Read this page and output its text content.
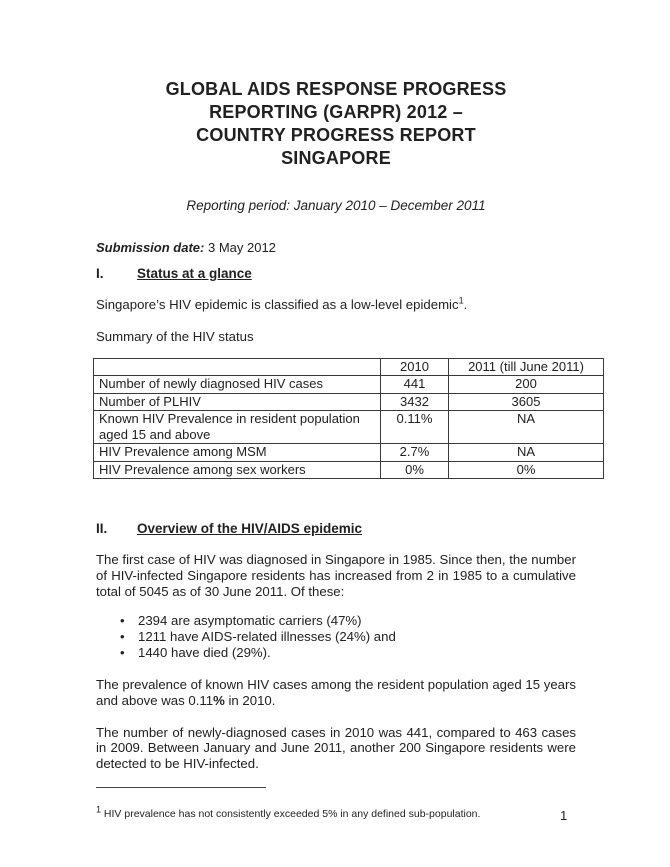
GLOBAL AIDS RESPONSE PROGRESS
REPORTING (GARPR) 2012 –
COUNTRY PROGRESS REPORT
SINGAPORE
Reporting period: January 2010 – December 2011
Submission date: 3 May 2012
I.	Status at a glance

Singapore’s HIV epidemic is classified as a low-level epidemic$^1$.

Summary of the HIV status

	2010	2011 (till June 2011)
Number of newly diagnosed HIV cases	441	200
Number of PLHIV	3432	3605
Known HIV Prevalence in resident population aged 15 and above	0.11%	NA
HIV Prevalence among MSM	2.7%	NA
HIV Prevalence among sex workers	0%	0%
II.	Overview of the HIV/AIDS epidemic

The first case of HIV was diagnosed in Singapore in 1985. Since then, the number of HIV-infected Singapore residents has increased from 2 in 1985 to a cumulative total of 5045 as of 30 June 2011. Of these:

• 2394 are asymptomatic carriers (47%)
• 1211 have AIDS-related illnesses (24%) and
• 1440 have died (29%).

The prevalence of known HIV cases among the resident population aged 15 years and above was 0.11% in 2010.

The number of newly-diagnosed cases in 2010 was 441, compared to 463 cases in 2009. Between January and June 2011, another 200 Singapore residents were detected to be HIV-infected.

$^1$ HIV prevalence has not consistently exceeded 5% in any defined sub-population.	1
